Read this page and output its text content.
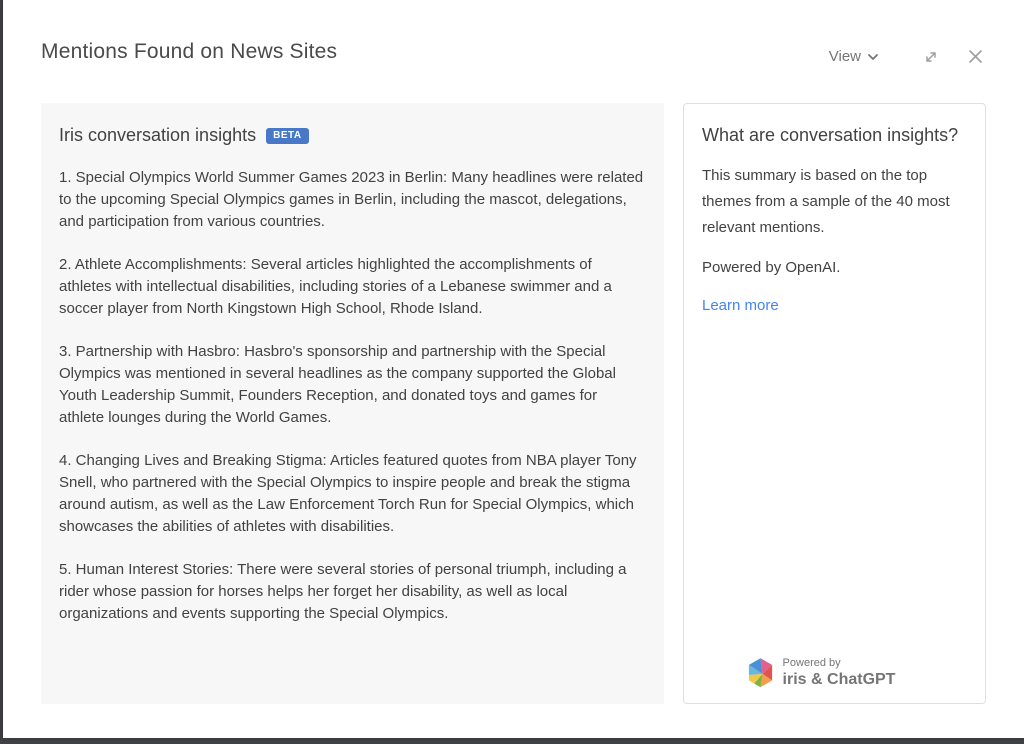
Mentions Found on News Sites	View
Iris conversation insights	BETA

1. Special Olympics World Summer Games 2023 in Berlin: Many headlines were related to the upcoming Special Olympics games in Berlin, including the mascot, delegations, and participation from various countries.

2. Athlete Accomplishments: Several articles highlighted the accomplishments of athletes with intellectual disabilities, including stories of a Lebanese swimmer and a soccer player from North Kingstown High School, Rhode Island.

3. Partnership with Hasbro: Hasbro's sponsorship and partnership with the Special Olympics was mentioned in several headlines as the company supported the Global Youth Leadership Summit, Founders Reception, and donated toys and games for athlete lounges during the World Games.

4. Changing Lives and Breaking Stigma: Articles featured quotes from NBA player Tony Snell, who partnered with the Special Olympics to inspire people and break the stigma around autism, as well as the Law Enforcement Torch Run for Special Olympics, which showcases the abilities of athletes with disabilities.

5. Human Interest Stories: There were several stories of personal triumph, including a rider whose passion for horses helps her forget her disability, as well as local organizations and events supporting the Special Olympics.

What are conversation insights?

This summary is based on the top themes from a sample of the 40 most relevant mentions.

Powered by OpenAI.

Learn more
Powered by
iris & ChatGPT
